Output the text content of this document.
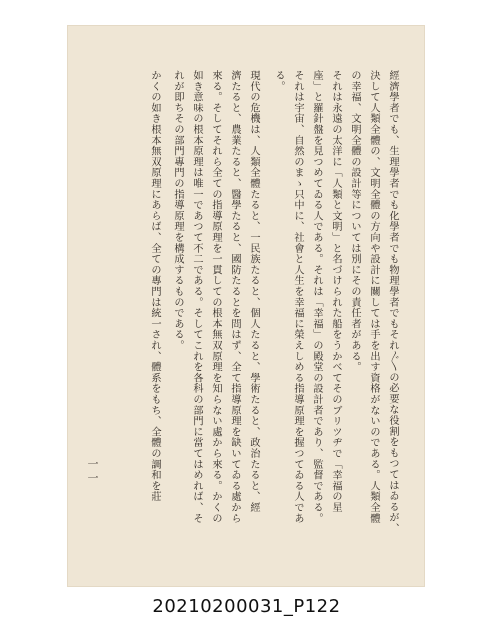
經濟學者でも、生理學者でも化學者でも物理學者でもそれ〴〵の必要な役割をもつてはゐるが、
決して人類全體の、文明全體の方向や設計に關しては手を出す資格がないのである。人類全體
の幸福、文明全體の設計等については別にその責任者がある。
それは永遠の太洋に「人類と文明」と名づけられた船をうかべてそのブリツヂで「幸福の星
座」と羅針盤を見つめてゐる人である。それは「幸福」の殿堂の設計者であり、監督である。
それは宇宙、自然のまゝ只中に、社會と人生を幸福に榮えしめる指導原理を握つてゐる人であ
る。
現代の危機は、人類全體たると、一民族たると、個人たると、學術たると、政治たると、經
濟たると、農業たると、醫學たると、國防たるとを問はず、全て指導原理を缺いてゐる處から
來る。そしてそれら全ての指導原理を一貫しての根本無双原理を知らない處から來る。かくの
如き意味の根本原理は唯一であつて不二である。そしてこれを各科の部門に當てはめれば、そ
れが即ちその部門專門の指導原理を構成するものである。
かくの如き根本無双原理にあらば、全ての專門は統一され、體系をもち、全體の調和を莊
一一
20210200031_P122
